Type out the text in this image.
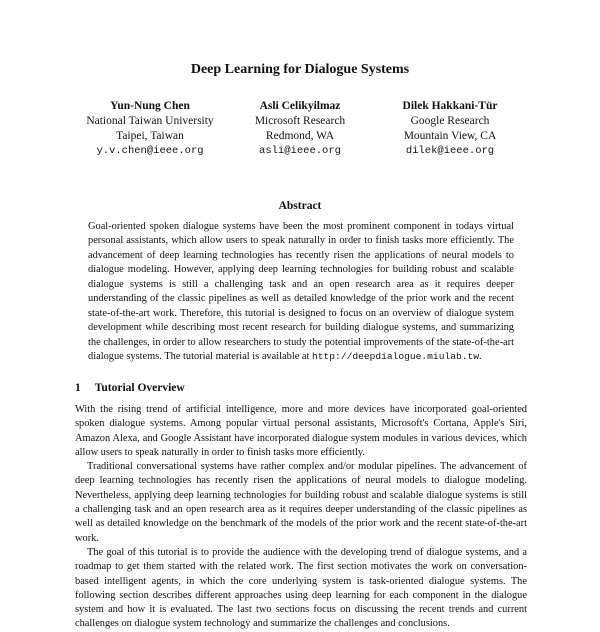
Deep Learning for Dialogue Systems
Yun-Nung Chen
National Taiwan University
Taipei, Taiwan
y.v.chen@ieee.org
Asli Celikyilmaz
Microsoft Research
Redmond, WA
asli@ieee.org
Dilek Hakkani-Tür
Google Research
Mountain View, CA
dilek@ieee.org
Abstract
Goal-oriented spoken dialogue systems have been the most prominent component in todays virtual personal assistants, which allow users to speak naturally in order to finish tasks more efficiently. The advancement of deep learning technologies has recently risen the applications of neural models to dialogue modeling. However, applying deep learning technologies for building robust and scalable dialogue systems is still a challenging task and an open research area as it requires deeper understanding of the classic pipelines as well as detailed knowledge of the prior work and the recent state-of-the-art work. Therefore, this tutorial is designed to focus on an overview of dialogue system development while describing most recent research for building dialogue systems, and summarizing the challenges, in order to allow researchers to study the potential improvements of the state-of-the-art dialogue systems. The tutorial material is available at http://deepdialogue.miulab.tw.
1 Tutorial Overview

With the rising trend of artificial intelligence, more and more devices have incorporated goal-oriented spoken dialogue systems. Among popular virtual personal assistants, Microsoft's Cortana, Apple's Siri, Amazon Alexa, and Google Assistant have incorporated dialogue system modules in various devices, which allow users to speak naturally in order to finish tasks more efficiently.

Traditional conversational systems have rather complex and/or modular pipelines. The advancement of deep learning technologies has recently risen the applications of neural models to dialogue modeling. Nevertheless, applying deep learning technologies for building robust and scalable dialogue systems is still a challenging task and an open research area as it requires deeper understanding of the classic pipelines as well as detailed knowledge on the benchmark of the models of the prior work and the recent state-of-the-art work.

The goal of this tutorial is to provide the audience with the developing trend of dialogue systems, and a roadmap to get them started with the related work. The first section motivates the work on conversation-based intelligent agents, in which the core underlying system is task-oriented dialogue systems. The following section describes different approaches using deep learning for each component in the dialogue system and how it is evaluated. The last two sections focus on discussing the recent trends and current challenges on dialogue system technology and summarize the challenges and conclusions.
